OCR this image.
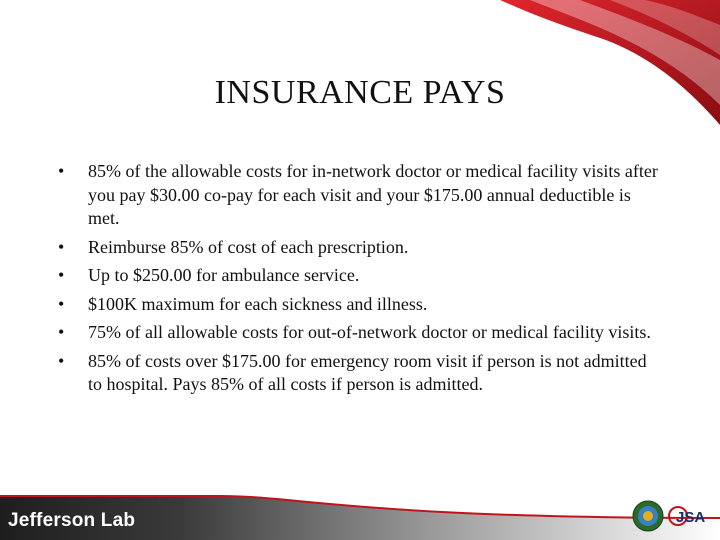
INSURANCE PAYS
•	85% of the allowable costs for in-network doctor or medical facility visits after you pay $30.00 co-pay for each visit and your $175.00 annual deductible is met.
•	Reimburse 85% of cost of each prescription.
•	Up to $250.00 for ambulance service.
•	$100K maximum for each sickness and illness.
•	75% of all allowable costs for out-of-network doctor or medical facility visits.
•	85% of costs over $175.00 for emergency room visit if person is not admitted to hospital. Pays 85% of all costs if person is admitted.
Jefferson Lab	JSA
